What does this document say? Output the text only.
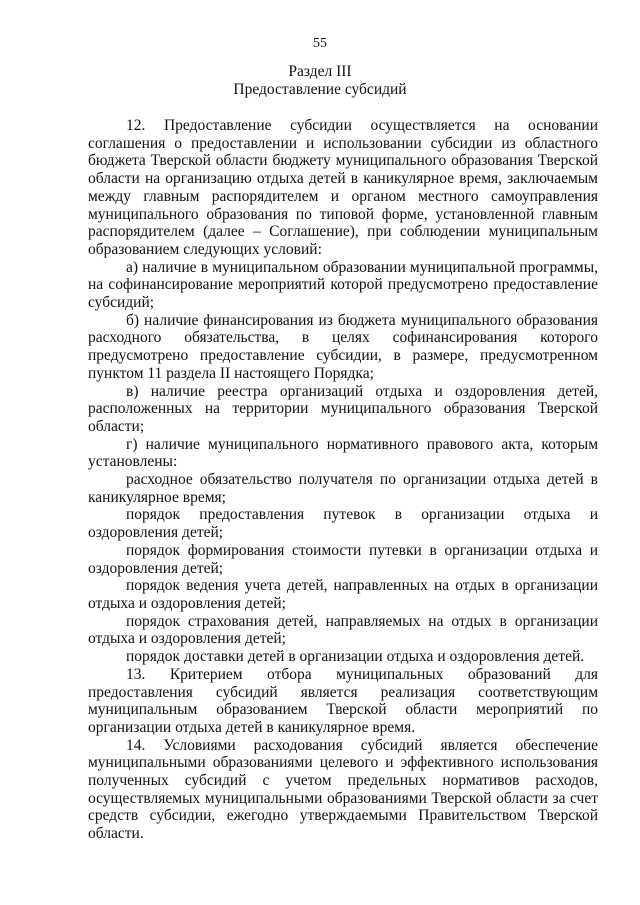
55
Раздел III
Предоставление субсидий

12. Предоставление субсидии осуществляется на основании соглашения о предоставлении и использовании субсидии из областного бюджета Тверской области бюджету муниципального образования Тверской области на организацию отдыха детей в каникулярное время, заключаемым между главным распорядителем и органом местного самоуправления муниципального образования по типовой форме, установленной главным распорядителем (далее – Соглашение), при соблюдении муниципальным образованием следующих условий:

а) наличие в муниципальном образовании муниципальной программы, на софинансирование мероприятий которой предусмотрено предоставление субсидий;

б) наличие финансирования из бюджета муниципального образования расходного обязательства, в целях софинансирования которого предусмотрено предоставление субсидии, в размере, предусмотренном пунктом 11 раздела II настоящего Порядка;

в) наличие реестра организаций отдыха и оздоровления детей, расположенных на территории муниципального образования Тверской области;

г) наличие муниципального нормативного правового акта, которым установлены:

расходное обязательство получателя по организации отдыха детей в каникулярное время;

порядок предоставления путевок в организации отдыха и оздоровления детей;

порядок формирования стоимости путевки в организации отдыха и оздоровления детей;

порядок ведения учета детей, направленных на отдых в организации отдыха и оздоровления детей;

порядок страхования детей, направляемых на отдых в организации отдыха и оздоровления детей;

порядок доставки детей в организации отдыха и оздоровления детей.

13. Критерием отбора муниципальных образований для предоставления субсидий является реализация соответствующим муниципальным образованием Тверской области мероприятий по организации отдыха детей в каникулярное время.

14. Условиями расходования субсидий является обеспечение муниципальными образованиями целевого и эффективного использования полученных субсидий с учетом предельных нормативов расходов, осуществляемых муниципальными образованиями Тверской области за счет средств субсидии, ежегодно утверждаемыми Правительством Тверской области.
